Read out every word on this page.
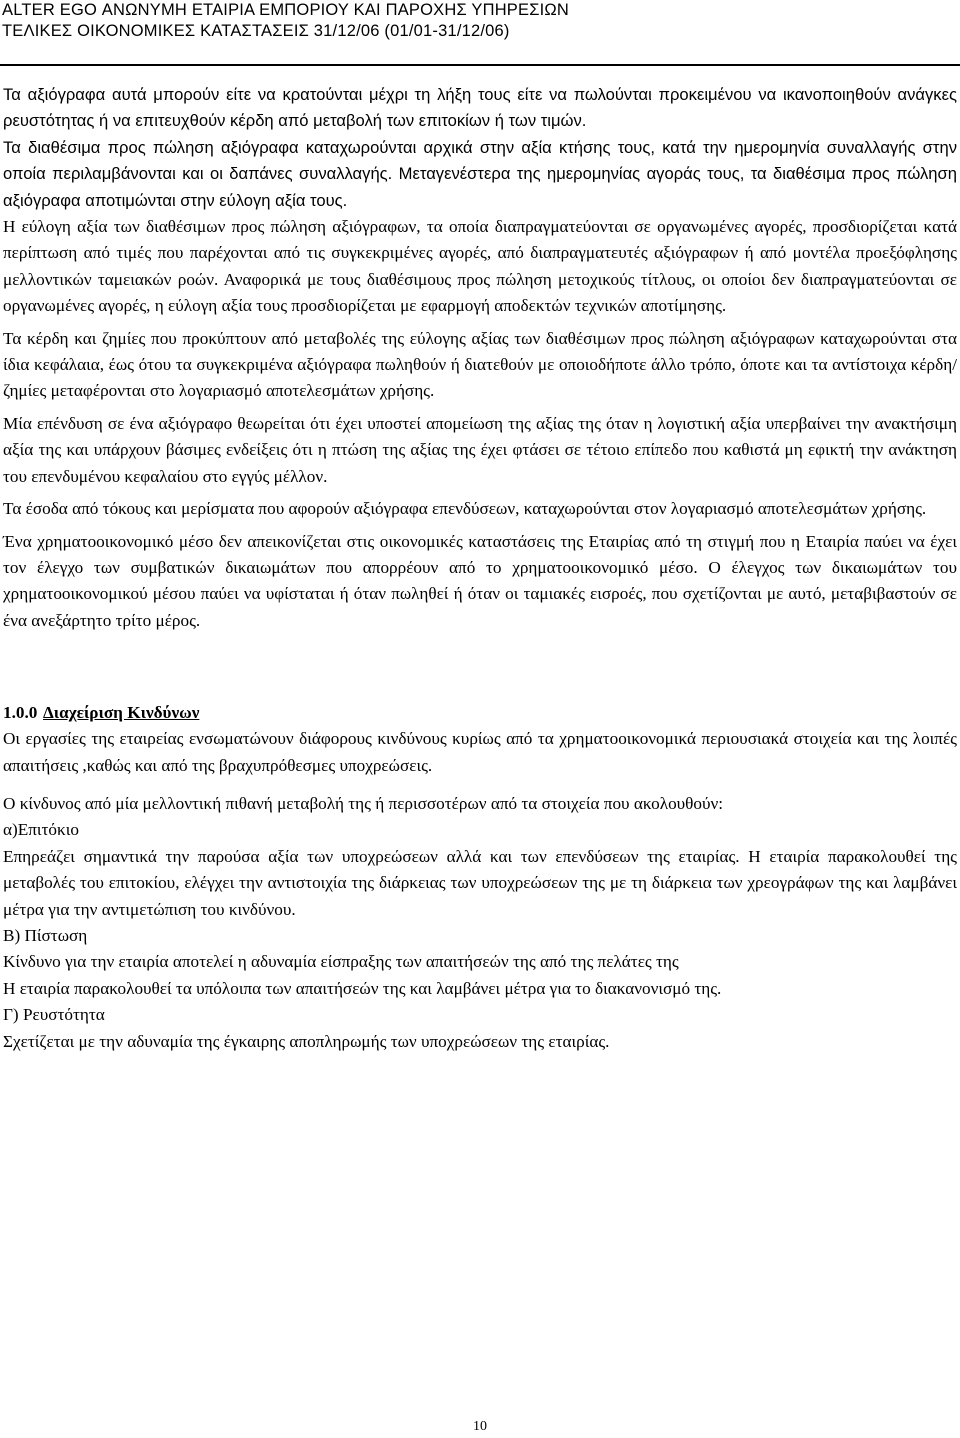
ALTER EGO ΑΝΩΝΥΜΗ ΕΤΑΙΡΙΑ ΕΜΠΟΡΙΟΥ ΚΑΙ ΠΑΡΟΧΗΣ ΥΠΗΡΕΣΙΩΝ
ΤΕΛΙΚΕΣ ΟΙΚΟΝΟΜΙΚΕΣ ΚΑΤΑΣΤΑΣΕΙΣ 31/12/06 (01/01-31/12/06)

Τα αξιόγραφα αυτά μπορούν είτε να κρατούνται μέχρι τη λήξη τους είτε να πωλούνται προκειμένου να ικανοποιηθούν ανάγκες ρευστότητας ή να επιτευχθούν κέρδη από μεταβολή των επιτοκίων ή των τιμών.

Τα διαθέσιμα προς πώληση αξιόγραφα καταχωρούνται αρχικά στην αξία κτήσης τους, κατά την ημερομηνία συναλλαγής στην οποία περιλαμβάνονται και οι δαπάνες συναλλαγής. Μεταγενέστερα της ημερομηνίας αγοράς τους, τα διαθέσιμα προς πώληση αξιόγραφα αποτιμώνται στην εύλογη αξία τους.

Η εύλογη αξία των διαθέσιμων προς πώληση αξιόγραφων, τα οποία διαπραγματεύονται σε οργανωμένες αγορές, προσδιορίζεται κατά περίπτωση από τιμές που παρέχονται από τις συγκεκριμένες αγορές, από διαπραγματευτές αξιόγραφων ή από μοντέλα προεξόφλησης μελλοντικών ταμειακών ροών. Αναφορικά με τους διαθέσιμους προς πώληση μετοχικούς τίτλους, οι οποίοι δεν διαπραγματεύονται σε οργανωμένες αγορές, η εύλογη αξία τους προσδιορίζεται με εφαρμογή αποδεκτών τεχνικών αποτίμησης.

Τα κέρδη και ζημίες που προκύπτουν από μεταβολές της εύλογης αξίας των διαθέσιμων προς πώληση αξιόγραφων καταχωρούνται στα ίδια κεφάλαια, έως ότου τα συγκεκριμένα αξιόγραφα πωληθούν ή διατεθούν με οποιοδήποτε άλλο τρόπο, όποτε και τα αντίστοιχα κέρδη/ζημίες μεταφέρονται στο λογαριασμό αποτελεσμάτων χρήσης.

Μία επένδυση σε ένα αξιόγραφο θεωρείται ότι έχει υποστεί απομείωση της αξίας της όταν η λογιστική αξία υπερβαίνει την ανακτήσιμη αξία της και υπάρχουν βάσιμες ενδείξεις ότι η πτώση της αξίας της έχει φτάσει σε τέτοιο επίπεδο που καθιστά μη εφικτή την ανάκτηση του επενδυμένου κεφαλαίου στο εγγύς μέλλον.

Τα έσοδα από τόκους και μερίσματα που αφορούν αξιόγραφα επενδύσεων, καταχωρούνται στον λογαριασμό αποτελεσμάτων χρήσης.

Ένα χρηματοοικονομικό μέσο δεν απεικονίζεται στις οικονομικές καταστάσεις της Εταιρίας από τη στιγμή που η Εταιρία παύει να έχει τον έλεγχο των συμβατικών δικαιωμάτων που απορρέουν από το χρηματοοικονομικό μέσο. Ο έλεγχος των δικαιωμάτων του χρηματοοικονομικού μέσου παύει να υφίσταται ή όταν πωληθεί ή όταν οι ταμιακές εισροές, που σχετίζονται με αυτό, μεταβιβαστούν σε ένα ανεξάρτητο τρίτο μέρος.

1.0.0 Διαχείριση Κινδύνων

Οι εργασίες της εταιρείας ενσωματώνουν διάφορους κινδύνους κυρίως από τα χρηματοοικονομικά περιουσιακά στοιχεία και της λοιπές απαιτήσεις ,καθώς και από της βραχυπρόθεσμες υποχρεώσεις.

Ο κίνδυνος από μία μελλοντική πιθανή μεταβολή της ή περισσοτέρων από τα στοιχεία που ακολουθούν:

α)Επιτόκιο

Επηρεάζει σημαντικά την παρούσα αξία των υποχρεώσεων αλλά και των επενδύσεων της εταιρίας. Η εταιρία παρακολουθεί της μεταβολές του επιτοκίου, ελέγχει την αντιστοιχία της διάρκειας των υποχρεώσεων της με τη διάρκεια των χρεογράφων της και λαμβάνει μέτρα για την αντιμετώπιση του κινδύνου.

Β) Πίστωση

Κίνδυνο για την εταιρία αποτελεί η αδυναμία είσπραξης των απαιτήσεών της από της πελάτες της

Η εταιρία παρακολουθεί τα υπόλοιπα των απαιτήσεών της και λαμβάνει μέτρα για το διακανονισμό της.

Γ) Ρευστότητα

Σχετίζεται με την αδυναμία της έγκαιρης αποπληρωμής των υποχρεώσεων της εταιρίας.

10
